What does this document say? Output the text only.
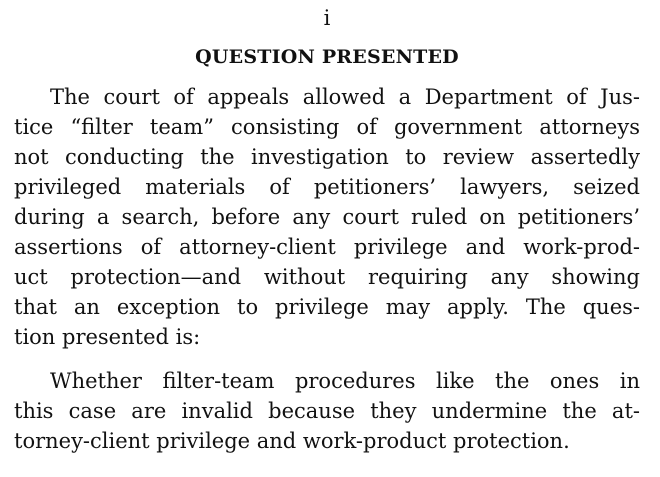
i
QUESTION PRESENTED
The court of appeals allowed a Department of Jus-
tice “filter team” consisting of government attorneys
not conducting the investigation to review assertedly
privileged materials of petitioners’ lawyers, seized
during a search, before any court ruled on petitioners’
assertions of attorney-client privilege and work-prod-
uct protection—and without requiring any showing
that an exception to privilege may apply. The ques-
tion presented is:
Whether filter-team procedures like the ones in
this case are invalid because they undermine the at-
torney-client privilege and work-product protection.
